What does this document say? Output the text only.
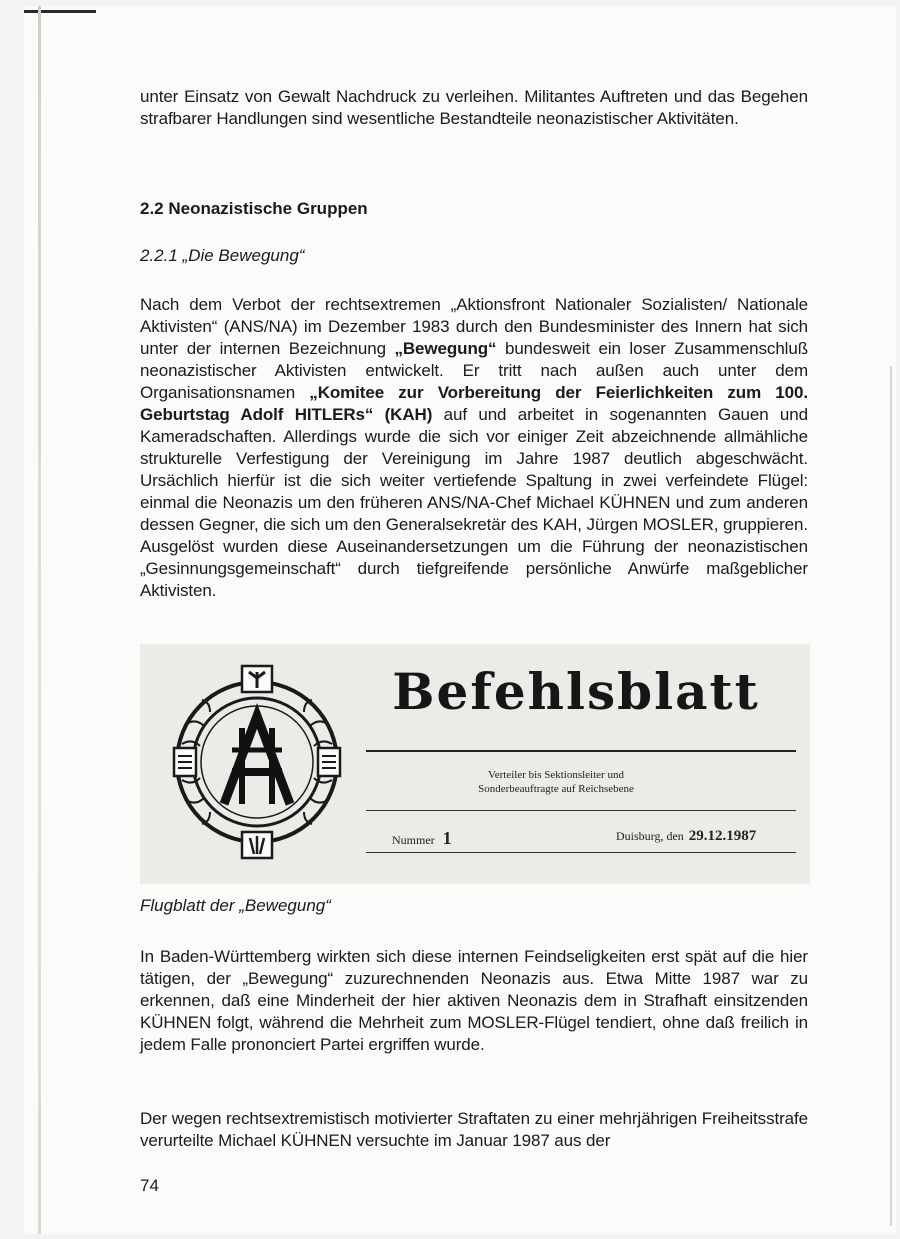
unter Einsatz von Gewalt Nachdruck zu verleihen. Militantes Auftreten und das Begehen strafbarer Handlungen sind wesentliche Bestandteile neonazistischer Aktivitäten.

2.2 Neonazistische Gruppen

2.2.1 „Die Bewegung“

Nach dem Verbot der rechtsextremen „Aktionsfront Nationaler Sozialisten/ Nationale Aktivisten“ (ANS/NA) im Dezember 1983 durch den Bundesminister des Innern hat sich unter der internen Bezeichnung „Bewegung“ bundesweit ein loser Zusammenschluß neonazistischer Aktivisten entwickelt. Er tritt nach außen auch unter dem Organisationsnamen „Komitee zur Vorbereitung der Feierlichkeiten zum 100. Geburtstag Adolf HITLERs“ (KAH) auf und arbeitet in sogenannten Gauen und Kameradschaften. Allerdings wurde die sich vor einiger Zeit abzeichnende allmähliche strukturelle Verfestigung der Vereinigung im Jahre 1987 deutlich abgeschwächt. Ursächlich hierfür ist die sich weiter vertiefende Spaltung in zwei verfeindete Flügel: einmal die Neonazis um den früheren ANS/NA-Chef Michael KÜHNEN und zum anderen dessen Gegner, die sich um den Generalsekretär des KAH, Jürgen MOSLER, gruppieren. Ausgelöst wurden diese Auseinandersetzungen um die Führung der neonazistischen „Gesinnungsgemeinschaft“ durch tiefgreifende persönliche Anwürfe maßgeblicher Aktivisten.

Befehlsblatt
Verteiler bis Sektionsleiter und
Sonderbeauftragte auf Reichsebene
Nummer 1	Duisburg, den 29.12.1987
Flugblatt der „Bewegung“

In Baden-Württemberg wirkten sich diese internen Feindseligkeiten erst spät auf die hier tätigen, der „Bewegung“ zuzurechnenden Neonazis aus. Etwa Mitte 1987 war zu erkennen, daß eine Minderheit der hier aktiven Neonazis dem in Strafhaft einsitzenden KÜHNEN folgt, während die Mehrheit zum MOSLER-Flügel tendiert, ohne daß freilich in jedem Falle prononciert Partei ergriffen wurde.

Der wegen rechtsextremistisch motivierter Straftaten zu einer mehrjährigen Freiheitsstrafe verurteilte Michael KÜHNEN versuchte im Januar 1987 aus der

74
